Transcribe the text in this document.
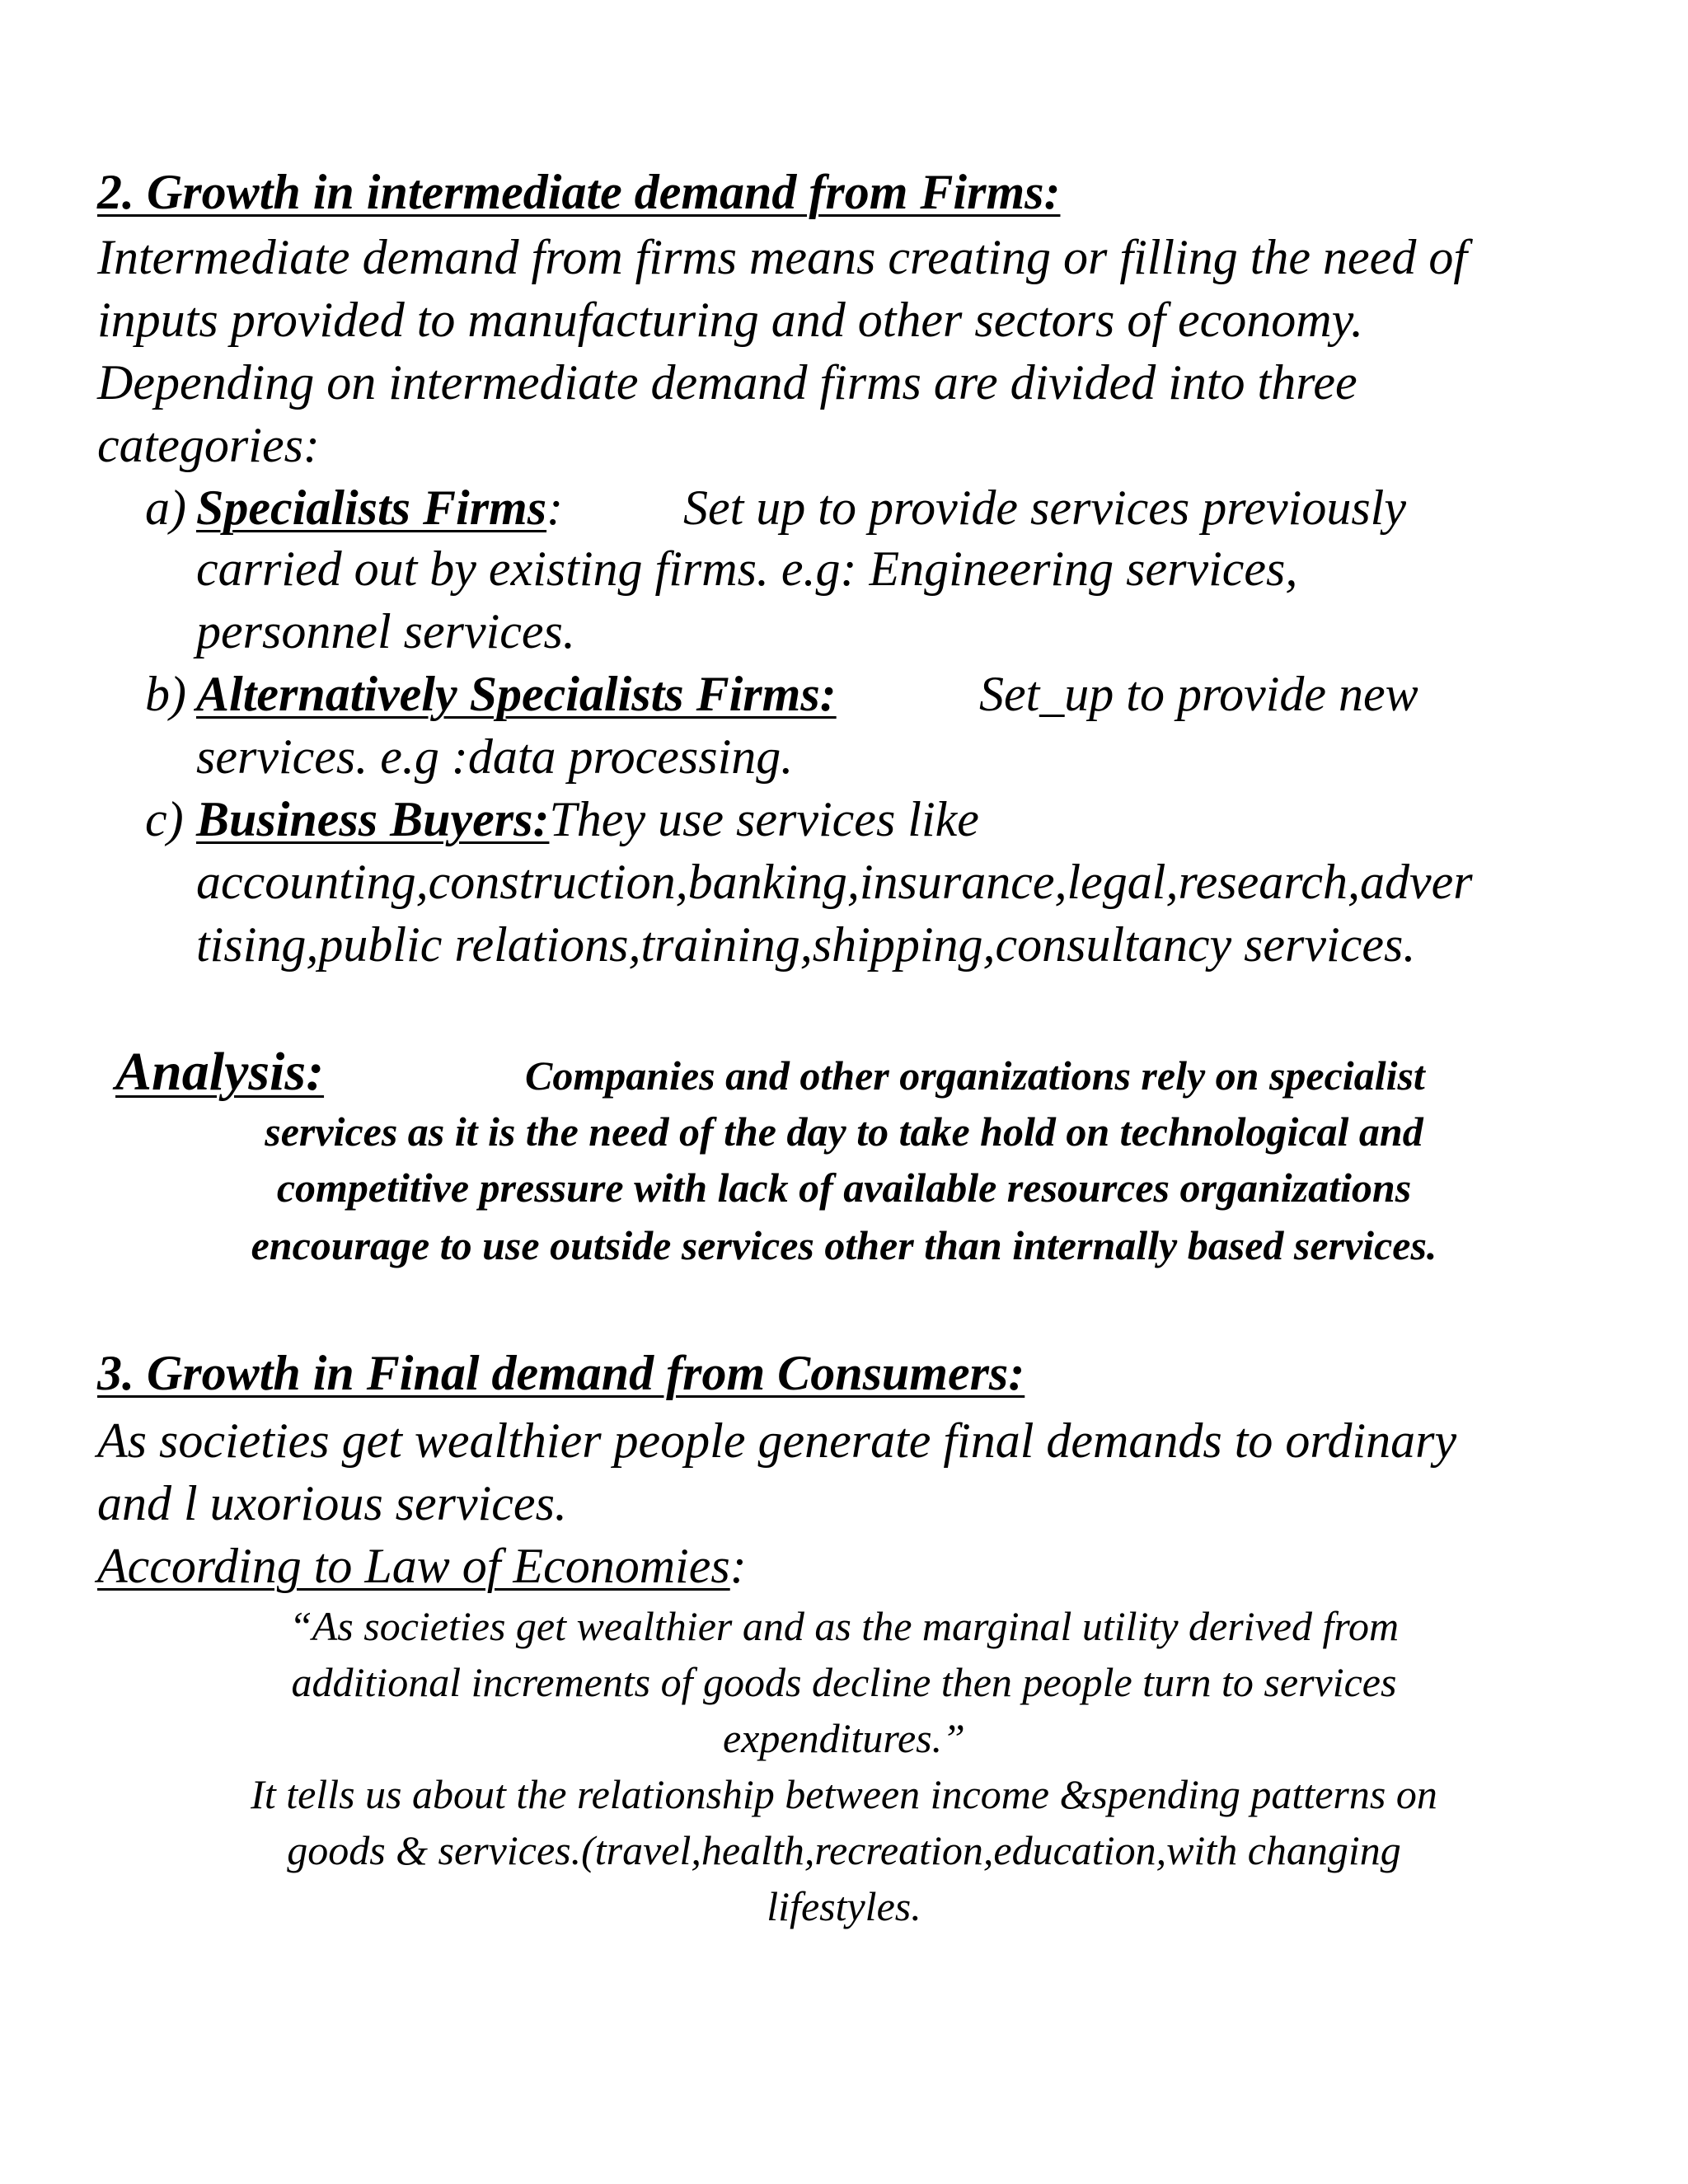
2. Growth in intermediate demand from Firms:
Intermediate demand from firms means creating or filling the need of
inputs provided to manufacturing and other sectors of economy.
Depending on intermediate demand firms are divided into three
categories:
a) Specialists Firms: Set up to provide services previously
carried out by existing firms. e.g: Engineering services,
personnel services.
b) Alternatively Specialists Firms:	Set_up to provide new
services. e.g :data processing.
c) Business Buyers:They use services like
accounting,construction,banking,insurance,legal,research,adver
tising,public relations,training,shipping,consultancy services.
Analysis:	Companies and other organizations rely on specialist
services as it is the need of the day to take hold on technological and
competitive pressure with lack of available resources organizations
encourage to use outside services other than internally based services.
3. Growth in Final demand from Consumers:
As societies get wealthier people generate final demands to ordinary
and l uxorious services.
According to Law of Economies:
“As societies get wealthier and as the marginal utility derived from
additional increments of goods decline then people turn to services
expenditures.”
It tells us about the relationship between income &spending patterns on
goods & services.(travel,health,recreation,education,with changing
lifestyles.
